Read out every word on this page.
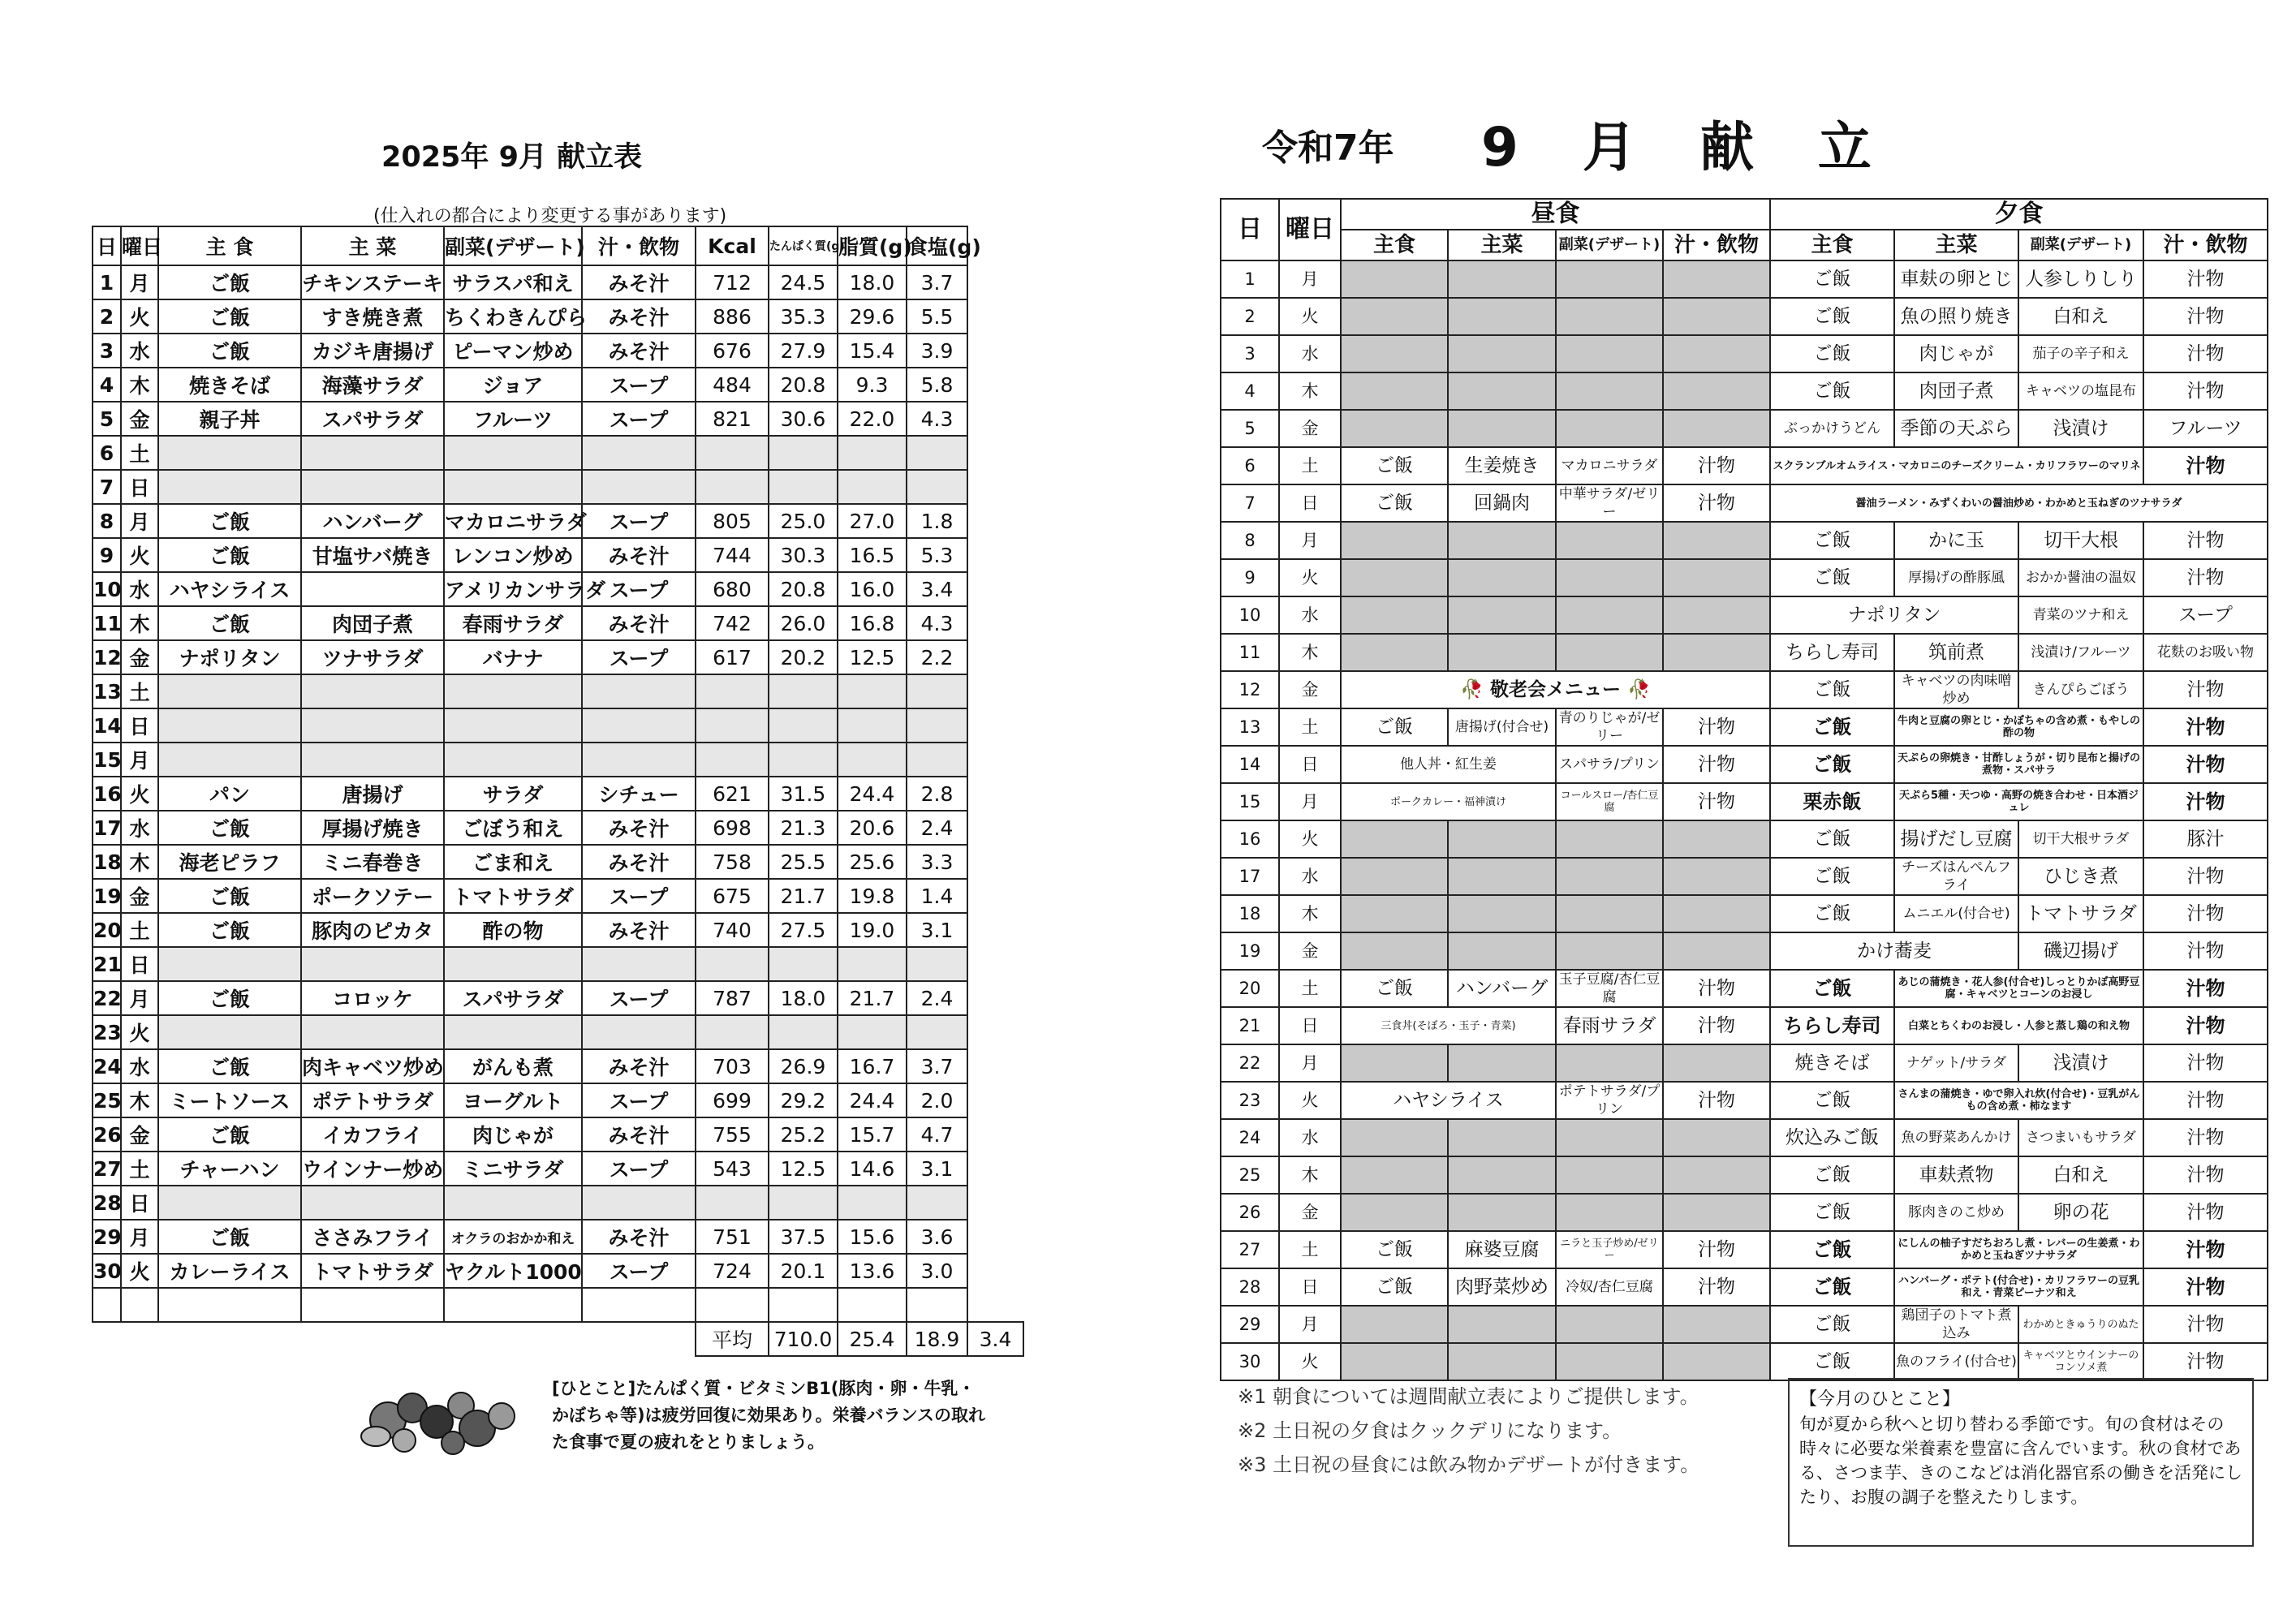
2025年 9月 献立表
(仕入れの都合により変更する事があります)
日	曜日	主 食	主 菜	副菜(デザート)	汁・飲物	Kcal	たんぱく質(g)	脂質(g)	食塩(g)	
1	月	ご飯	チキンステーキ	サラスパ和え	みそ汁	712	24.5	18.0	3.7	
2	火	ご飯	すき焼き煮	ちくわきんぴら	みそ汁	886	35.3	29.6	5.5	
3	水	ご飯	カジキ唐揚げ	ピーマン炒め	みそ汁	676	27.9	15.4	3.9	
4	木	焼きそば	海藻サラダ	ジョア	スープ	484	20.8	9.3	5.8	
5	金	親子丼	スパサラダ	フルーツ	スープ	821	30.6	22.0	4.3	
6	土									
7	日									
8	月	ご飯	ハンバーグ	マカロニサラダ	スープ	805	25.0	27.0	1.8	
9	火	ご飯	甘塩サバ焼き	レンコン炒め	みそ汁	744	30.3	16.5	5.3	
10	水	ハヤシライス		アメリカンサラダ	スープ	680	20.8	16.0	3.4	
11	木	ご飯	肉団子煮	春雨サラダ	みそ汁	742	26.0	16.8	4.3	
12	金	ナポリタン	ツナサラダ	バナナ	スープ	617	20.2	12.5	2.2	
13	土									
14	日									
15	月									
16	火	パン	唐揚げ	サラダ	シチュー	621	31.5	24.4	2.8	
17	水	ご飯	厚揚げ焼き	ごぼう和え	みそ汁	698	21.3	20.6	2.4	
18	木	海老ピラフ	ミニ春巻き	ごま和え	みそ汁	758	25.5	25.6	3.3	
19	金	ご飯	ポークソテー	トマトサラダ	スープ	675	21.7	19.8	1.4	
20	土	ご飯	豚肉のピカタ	酢の物	みそ汁	740	27.5	19.0	3.1	
21	日									
22	月	ご飯	コロッケ	スパサラダ	スープ	787	18.0	21.7	2.4	
23	火									
24	水	ご飯	肉キャベツ炒め	がんも煮	みそ汁	703	26.9	16.7	3.7	
25	木	ミートソース	ポテトサラダ	ヨーグルト	スープ	699	29.2	24.4	2.0	
26	金	ご飯	イカフライ	肉じゃが	みそ汁	755	25.2	15.7	4.7	
27	土	チャーハン	ウインナー炒め	ミニサラダ	スープ	543	12.5	14.6	3.1	
28	日									
29	月	ご飯	ささみフライ	オクラのおかか和え	みそ汁	751	37.5	15.6	3.6	
30	火	カレーライス	トマトサラダ	ヤクルト1000	スープ	724	20.1	13.6	3.0	

						平均	710.0	25.4	18.9	3.4
[ひとこと]たんぱく質・ビタミンB1(豚肉・卵・牛乳・かぼちゃ等)は疲労回復に効果あり。栄養バランスの取れた食事で夏の疲れをとりましょう。
令和7年 9 月 献 立
日	曜日	昼食				夕食			
		主食	主菜	副菜(デザート)	汁・飲物	主食	主菜	副菜(デザート)	汁・飲物
1	月					ご飯	車麸の卵とじ	人参しりしり	汁物
2	火					ご飯	魚の照り焼き	白和え	汁物
3	水					ご飯	肉じゃが	茄子の辛子和え	汁物
4	木					ご飯	肉団子煮	キャベツの塩昆布	汁物
5	金					ぶっかけうどん	季節の天ぷら	浅漬け	フルーツ
6	土	ご飯	生姜焼き	マカロニサラダ	汁物	スクランブルオムライス・マカロニのチーズクリーム・カリフラワーのマリネ			汁物
7	日	ご飯	回鍋肉	中華サラダ/ゼリー	汁物	醤油ラーメン・みずくわいの醤油炒め・わかめと玉ねぎのツナサラダ			
8	月					ご飯	かに玉	切干大根	汁物
9	火					ご飯	厚揚げの酢豚風	おかか醤油の温奴	汁物
10	水					ナポリタン		青菜のツナ和え	スープ
11	木					ちらし寿司	筑前煮	浅漬け/フルーツ	花麩のお吸い物
12	金	🥀 敬老会メニュー 🥀				ご飯	キャベツの肉味噌炒め	きんぴらごぼう	汁物
13	土	ご飯	唐揚げ(付合せ)	青のりじゃが/ゼリー	汁物	ご飯	牛肉と豆腐の卵とじ・かぼちゃの含め煮・もやしの酢の物		汁物
14	日	他人丼・紅生姜		スパサラ/プリン	汁物	ご飯	天ぷらの卵焼き・甘酢しょうが・切り昆布と揚げの煮物・スパサラ		汁物
15	月	ポークカレー・福神漬け		コールスロー/杏仁豆腐	汁物	栗赤飯	天ぷら5種・天つゆ・高野の焼き合わせ・日本酒ジュレ		汁物
16	火					ご飯	揚げだし豆腐	切干大根サラダ	豚汁
17	水					ご飯	チーズはんぺんフライ	ひじき煮	汁物
18	木					ご飯	ムニエル(付合せ)	トマトサラダ	汁物
19	金					かけ蕎麦		磯辺揚げ	汁物
20	土	ご飯	ハンバーグ	玉子豆腐/杏仁豆腐	汁物	ご飯	あじの蒲焼き・花人参(付合せ)しっとりかぼ高野豆腐・キャベツとコーンのお浸し		汁物
21	日	三食丼(そぼろ・玉子・青菜)		春雨サラダ	汁物	ちらし寿司	白菜とちくわのお浸し・人参と蒸し鶏の和え物		汁物
22	月					焼きそば	ナゲット/サラダ	浅漬け	汁物
23	火	ハヤシライス		ポテトサラダ/プリン	汁物	ご飯	さんまの蒲焼き・ゆで卵入れ炊(付合せ)・豆乳がんもの含め煮・柿なます		汁物
24	水					炊込みご飯	魚の野菜あんかけ	さつまいもサラダ	汁物
25	木					ご飯	車麸煮物	白和え	汁物
26	金					ご飯	豚肉きのこ炒め	卵の花	汁物
27	土	ご飯	麻婆豆腐	ニラと玉子炒め/ゼリー	汁物	ご飯	にしんの柚子すだちおろし煮・レバーの生姜煮・わかめと玉ねぎツナサラダ		汁物
28	日	ご飯	肉野菜炒め	冷奴/杏仁豆腐	汁物	ご飯	ハンバーグ・ポテト(付合せ)・カリフラワーの豆乳和え・青菜ピーナツ和え		汁物
29	月					ご飯	鶏団子のトマト煮込み	わかめときゅうりのぬた	汁物
30	火					ご飯	魚のフライ(付合せ)	キャベツとウインナーのコンソメ煮	汁物
※1 朝食については週間献立表によりご提供します。
※2 土日祝の夕食はクックデリになります。
※3 土日祝の昼食には飲み物かデザートが付きます。
【今月のひとこと】
旬が夏から秋へと切り替わる季節です。旬の食材はその時々に必要な栄養素を豊富に含んでいます。秋の食材である、さつま芋、きのこなどは消化器官系の働きを活発にしたり、お腹の調子を整えたりします。
